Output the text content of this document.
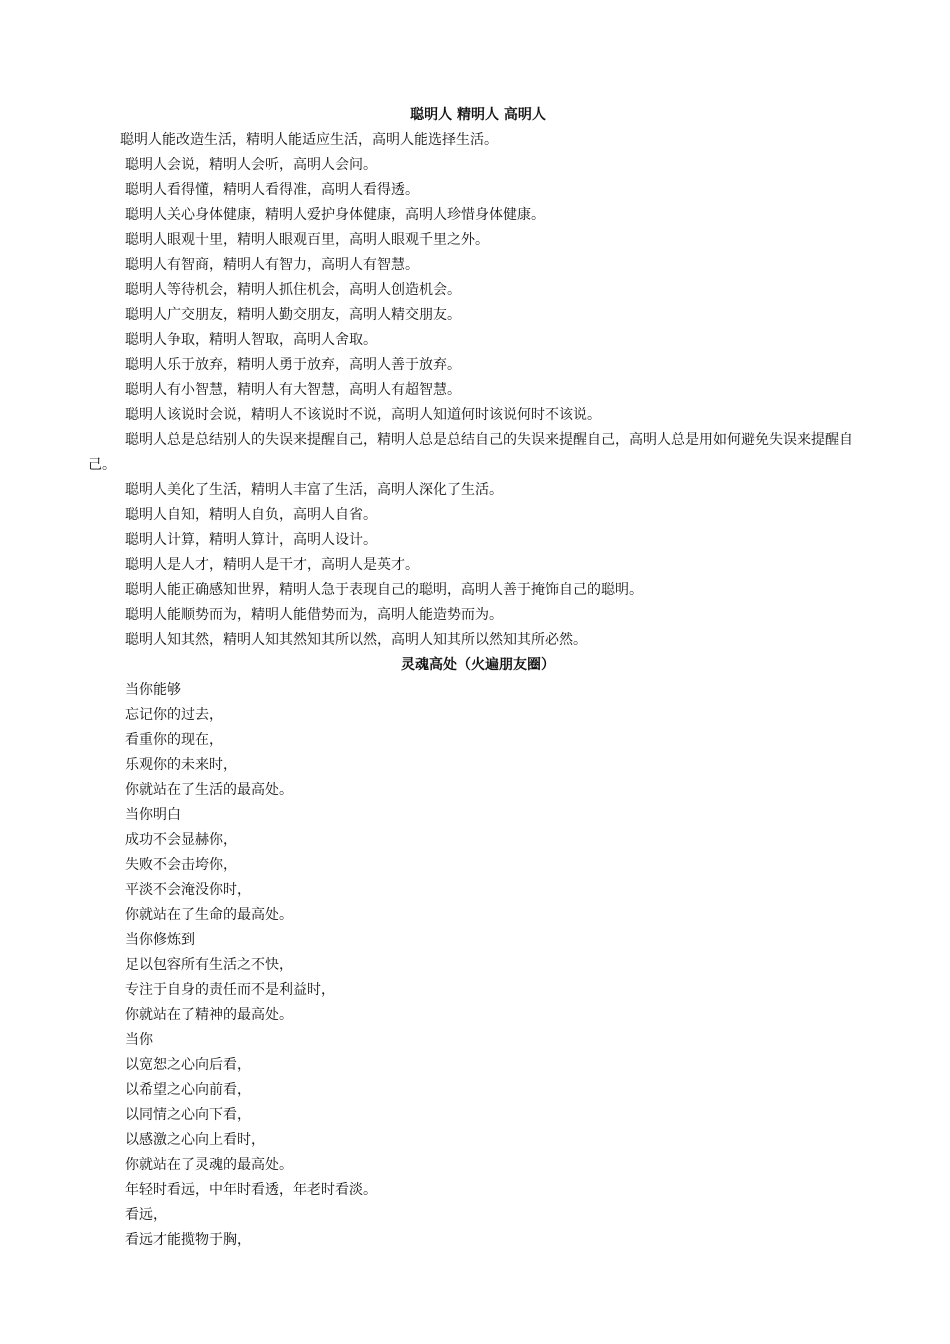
聪明人 精明人 高明人
聪明人能改造生活，精明人能适应生活，高明人能选择生活。
聪明人会说，精明人会听，高明人会问。
聪明人看得懂，精明人看得准，高明人看得透。
聪明人关心身体健康，精明人爱护身体健康，高明人珍惜身体健康。
聪明人眼观十里，精明人眼观百里，高明人眼观千里之外。
聪明人有智商，精明人有智力，高明人有智慧。
聪明人等待机会，精明人抓住机会，高明人创造机会。
聪明人广交朋友，精明人勤交朋友，高明人精交朋友。
聪明人争取，精明人智取，高明人舍取。
聪明人乐于放弃，精明人勇于放弃，高明人善于放弃。
聪明人有小智慧，精明人有大智慧，高明人有超智慧。
聪明人该说时会说，精明人不该说时不说，高明人知道何时该说何时不该说。
聪明人总是总结别人的失误来提醒自己，精明人总是总结自己的失误来提醒自己，高明人总是用如何避免失误来提醒自己。
聪明人美化了生活，精明人丰富了生活，高明人深化了生活。
聪明人自知，精明人自负，高明人自省。
聪明人计算，精明人算计，高明人设计。
聪明人是人才，精明人是干才，高明人是英才。
聪明人能正确感知世界，精明人急于表现自己的聪明，高明人善于掩饰自己的聪明。
聪明人能顺势而为，精明人能借势而为，高明人能造势而为。
聪明人知其然，精明人知其然知其所以然，高明人知其所以然知其所必然。
灵魂高处（火遍朋友圈）
当你能够
忘记你的过去，
看重你的现在，
乐观你的未来时，
你就站在了生活的最高处。
当你明白
成功不会显赫你，
失败不会击垮你，
平淡不会淹没你时，
你就站在了生命的最高处。
当你修炼到
足以包容所有生活之不快，
专注于自身的责任而不是利益时，
你就站在了精神的最高处。
当你
以宽恕之心向后看，
以希望之心向前看，
以同情之心向下看，
以感激之心向上看时，
你就站在了灵魂的最高处。
年轻时看远，中年时看透，年老时看淡。
看远，
看远才能揽物于胸，
